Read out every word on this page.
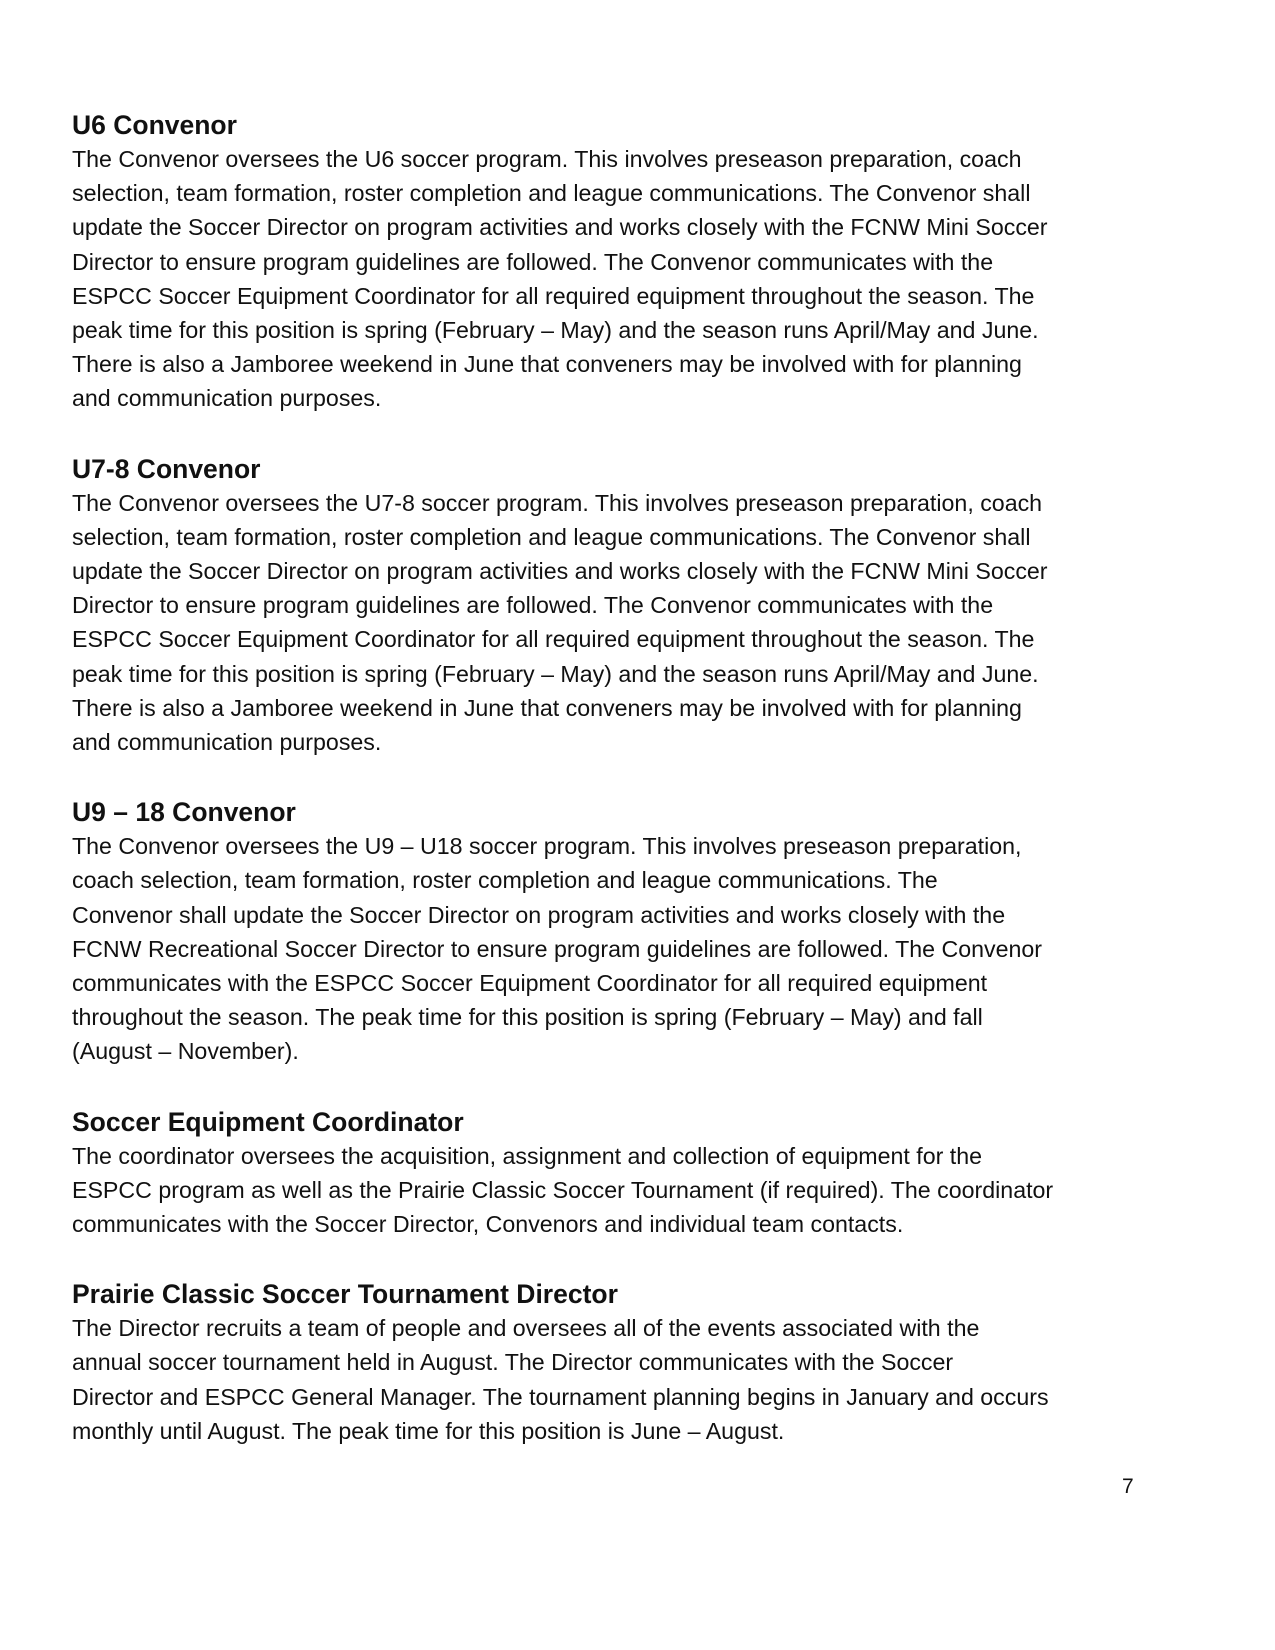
U6 Convenor

The Convenor oversees the U6 soccer program. This involves preseason preparation, coach
selection, team formation, roster completion and league communications. The Convenor shall
update the Soccer Director on program activities and works closely with the FCNW Mini Soccer
Director to ensure program guidelines are followed. The Convenor communicates with the
ESPCC Soccer Equipment Coordinator for all required equipment throughout the season. The
peak time for this position is spring (February – May) and the season runs April/May and June.
There is also a Jamboree weekend in June that conveners may be involved with for planning
and communication purposes.

U7-8 Convenor

The Convenor oversees the U7-8 soccer program. This involves preseason preparation, coach
selection, team formation, roster completion and league communications. The Convenor shall
update the Soccer Director on program activities and works closely with the FCNW Mini Soccer
Director to ensure program guidelines are followed. The Convenor communicates with the
ESPCC Soccer Equipment Coordinator for all required equipment throughout the season. The
peak time for this position is spring (February – May) and the season runs April/May and June.
There is also a Jamboree weekend in June that conveners may be involved with for planning
and communication purposes.

U9 – 18 Convenor

The Convenor oversees the U9 – U18 soccer program. This involves preseason preparation,
coach selection, team formation, roster completion and league communications. The
Convenor shall update the Soccer Director on program activities and works closely with the
FCNW Recreational Soccer Director to ensure program guidelines are followed. The Convenor
communicates with the ESPCC Soccer Equipment Coordinator for all required equipment
throughout the season. The peak time for this position is spring (February – May) and fall
(August – November).

Soccer Equipment Coordinator

The coordinator oversees the acquisition, assignment and collection of equipment for the
ESPCC program as well as the Prairie Classic Soccer Tournament (if required). The coordinator
communicates with the Soccer Director, Convenors and individual team contacts.

Prairie Classic Soccer Tournament Director

The Director recruits a team of people and oversees all of the events associated with the
annual soccer tournament held in August. The Director communicates with the Soccer
Director and ESPCC General Manager. The tournament planning begins in January and occurs
monthly until August. The peak time for this position is June – August.

7
